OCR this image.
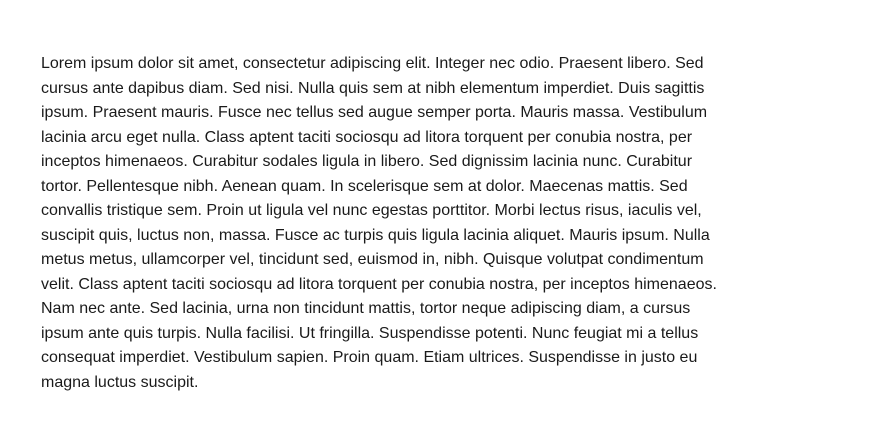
Lorem ipsum dolor sit amet, consectetur adipiscing elit. Integer nec odio. Praesent libero. Sed
cursus ante dapibus diam. Sed nisi. Nulla quis sem at nibh elementum imperdiet. Duis sagittis
ipsum. Praesent mauris. Fusce nec tellus sed augue semper porta. Mauris massa. Vestibulum
lacinia arcu eget nulla. Class aptent taciti sociosqu ad litora torquent per conubia nostra, per
inceptos himenaeos. Curabitur sodales ligula in libero. Sed dignissim lacinia nunc. Curabitur
tortor. Pellentesque nibh. Aenean quam. In scelerisque sem at dolor. Maecenas mattis. Sed
convallis tristique sem. Proin ut ligula vel nunc egestas porttitor. Morbi lectus risus, iaculis vel,
suscipit quis, luctus non, massa. Fusce ac turpis quis ligula lacinia aliquet. Mauris ipsum. Nulla
metus metus, ullamcorper vel, tincidunt sed, euismod in, nibh. Quisque volutpat condimentum
velit. Class aptent taciti sociosqu ad litora torquent per conubia nostra, per inceptos himenaeos.
Nam nec ante. Sed lacinia, urna non tincidunt mattis, tortor neque adipiscing diam, a cursus
ipsum ante quis turpis. Nulla facilisi. Ut fringilla. Suspendisse potenti. Nunc feugiat mi a tellus
consequat imperdiet. Vestibulum sapien. Proin quam. Etiam ultrices. Suspendisse in justo eu
magna luctus suscipit.
